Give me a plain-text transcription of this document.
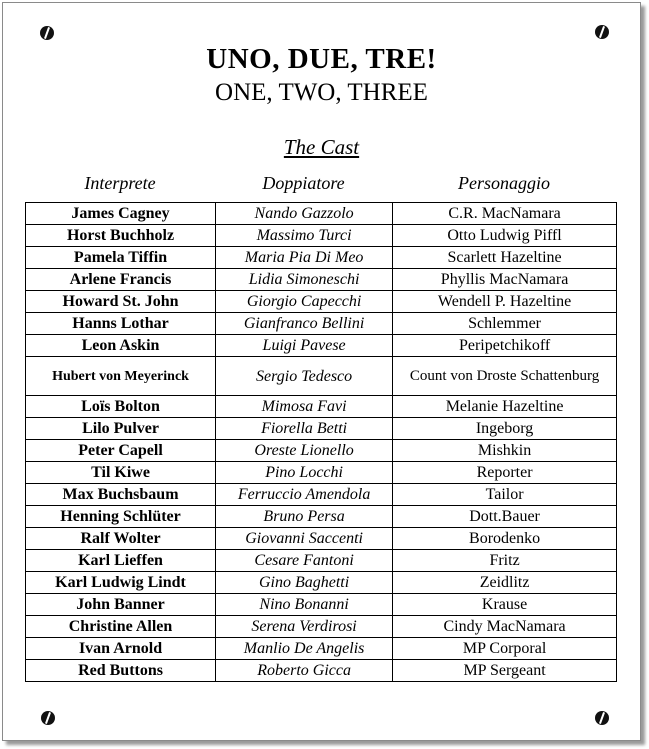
UNO, DUE, TRE!
ONE, TWO, THREE
The Cast
Interprete	Doppiatore	Personaggio
James Cagney	Nando Gazzolo	C.R. MacNamara
Horst Buchholz	Massimo Turci	Otto Ludwig Piffl
Pamela Tiffin	Maria Pia Di Meo	Scarlett Hazeltine
Arlene Francis	Lidia Simoneschi	Phyllis MacNamara
Howard St. John	Giorgio Capecchi	Wendell P. Hazeltine
Hanns Lothar	Gianfranco Bellini	Schlemmer
Leon Askin	Luigi Pavese	Peripetchikoff
Hubert von Meyerinck	Sergio Tedesco	Count von Droste Schattenburg
Loïs Bolton	Mimosa Favi	Melanie Hazeltine
Lilo Pulver	Fiorella Betti	Ingeborg
Peter Capell	Oreste Lionello	Mishkin
Til Kiwe	Pino Locchi	Reporter
Max Buchsbaum	Ferruccio Amendola	Tailor
Henning Schlüter	Bruno Persa	Dott.Bauer
Ralf Wolter	Giovanni Saccenti	Borodenko
Karl Lieffen	Cesare Fantoni	Fritz
Karl Ludwig Lindt	Gino Baghetti	Zeidlitz
John Banner	Nino Bonanni	Krause
Christine Allen	Serena Verdirosi	Cindy MacNamara
Ivan Arnold	Manlio De Angelis	MP Corporal
Red Buttons	Roberto Gicca	MP Sergeant
